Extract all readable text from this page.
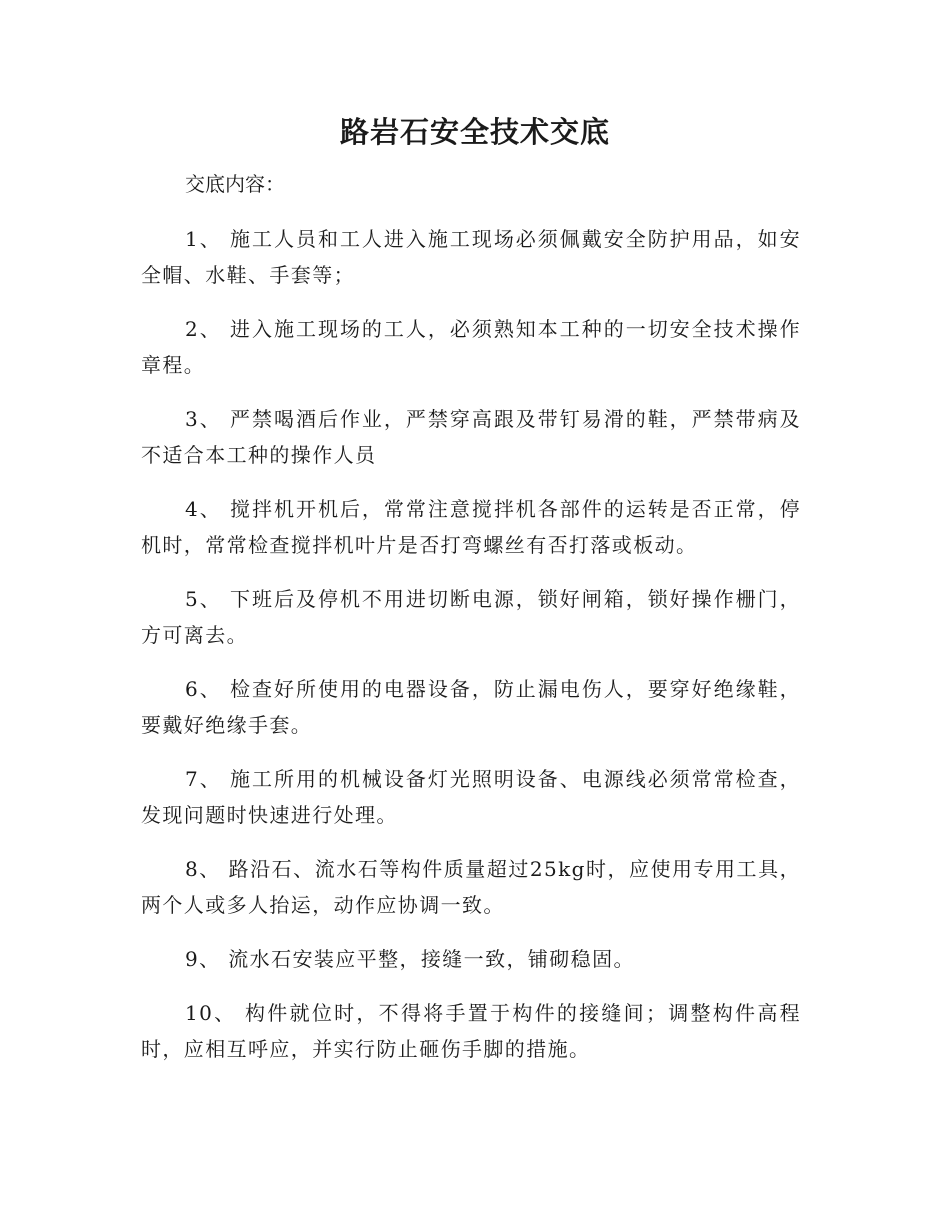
路岩石安全技术交底
交底内容：
1、 施工人员和工人进入施工现场必须佩戴安全防护用品，如安全帽、水鞋、手套等；
2、 进入施工现场的工人，必须熟知本工种的一切安全技术操作章程。
3、 严禁喝酒后作业，严禁穿高跟及带钉易滑的鞋，严禁带病及不适合本工种的操作人员
4、 搅拌机开机后，常常注意搅拌机各部件的运转是否正常，停机时，常常检查搅拌机叶片是否打弯螺丝有否打落或板动。
5、 下班后及停机不用进切断电源，锁好闸箱，锁好操作栅门，方可离去。
6、 检查好所使用的电器设备，防止漏电伤人，要穿好绝缘鞋，要戴好绝缘手套。
7、 施工所用的机械设备灯光照明设备、电源线必须常常检查，发现问题时快速进行处理。
8、 路沿石、流水石等构件质量超过25kg时，应使用专用工具，两个人或多人抬运，动作应协调一致。
9、 流水石安装应平整，接缝一致，铺砌稳固。
10、 构件就位时，不得将手置于构件的接缝间；调整构件高程时，应相互呼应，并实行防止砸伤手脚的措施。
